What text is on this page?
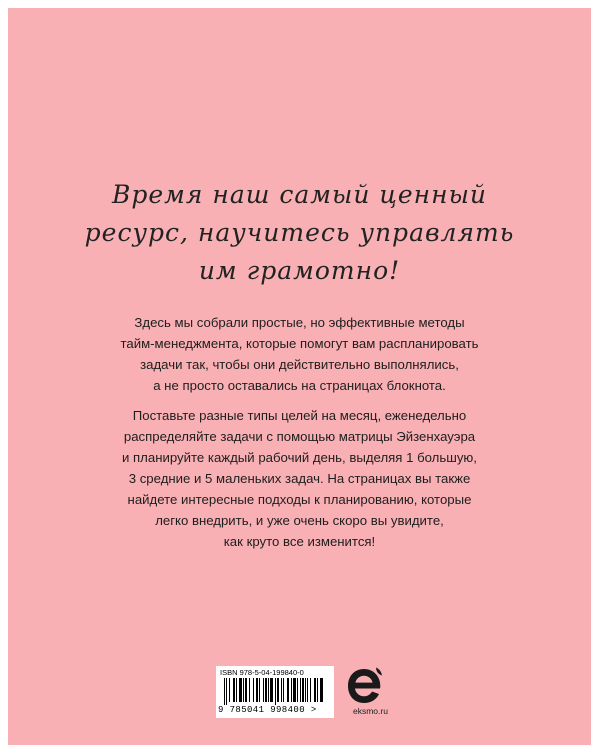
Время наш самый ценный
ресурс, научитесь управлять
им грамотно!
Здесь мы собрали простые, но эффективные методы
тайм-менеджмента, которые помогут вам распланировать
задачи так, чтобы они действительно выполнялись,
а не просто оставались на страницах блокнота.
Поставьте разные типы целей на месяц, еженедельно
распределяйте задачи с помощью матрицы Эйзенхауэра
и планируйте каждый рабочий день, выделяя 1 большую,
3 средние и 5 маленьких задач. На страницах вы также
найдете интересные подходы к планированию, которые
легко внедрить, и уже очень скоро вы увидите,
как круто все изменится!
ISBN 978-5-04-199840-0
9 785041 998400 >	eksmo.ru
